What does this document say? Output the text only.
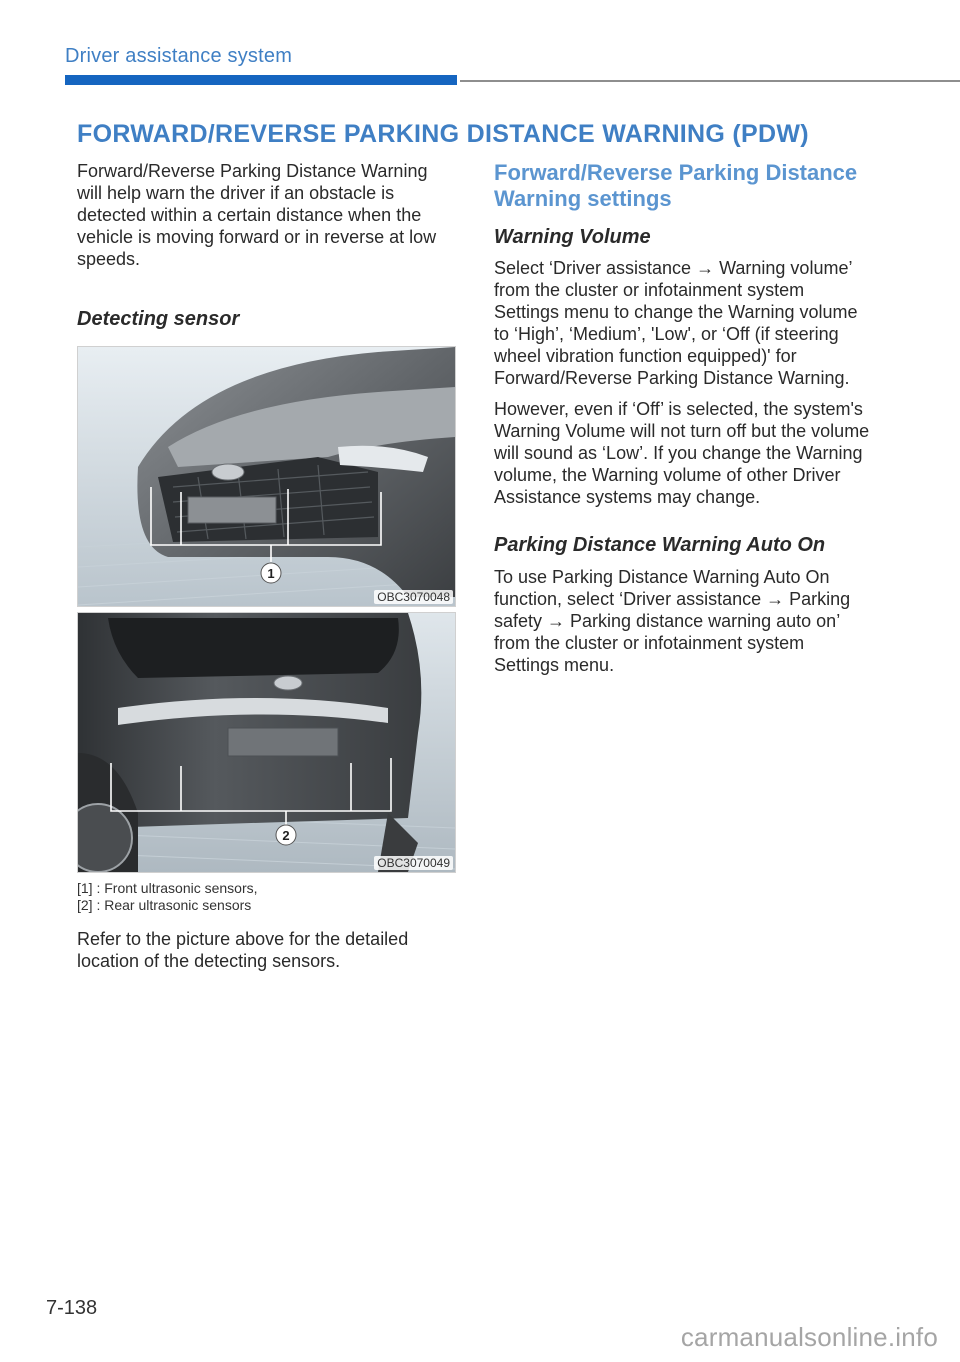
Driver assistance system
FORWARD/REVERSE PARKING DISTANCE WARNING (PDW)

Forward/Reverse Parking Distance Warning will help warn the driver if an obstacle is detected within a certain distance when the vehicle is moving forward or in reverse at low speeds.

Detecting sensor

1
OBC3070048
2
OBC3070049

[1] : Front ultrasonic sensors,

[2] : Rear ultrasonic sensors

Refer to the picture above for the detailed location of the detecting sensors.

Forward/Reverse Parking Distance Warning settings

Warning Volume

Select ‘Driver assistance → Warning volume’ from the cluster or infotainment system Settings menu to change the Warning volume to ‘High’, ‘Medium’, 'Low', or ‘Off (if steering wheel vibration function equipped)' for Forward/Reverse Parking Distance Warning.

However, even if ‘Off’ is selected, the system's Warning Volume will not turn off but the volume will sound as ‘Low’. If you change the Warning volume, the Warning volume of other Driver Assistance systems may change.

Parking Distance Warning Auto On

To use Parking Distance Warning Auto On function, select ‘Driver assistance → Parking safety → Parking distance warning auto on’ from the cluster or infotainment system Settings menu.

7-138
carmanualsonline.info
